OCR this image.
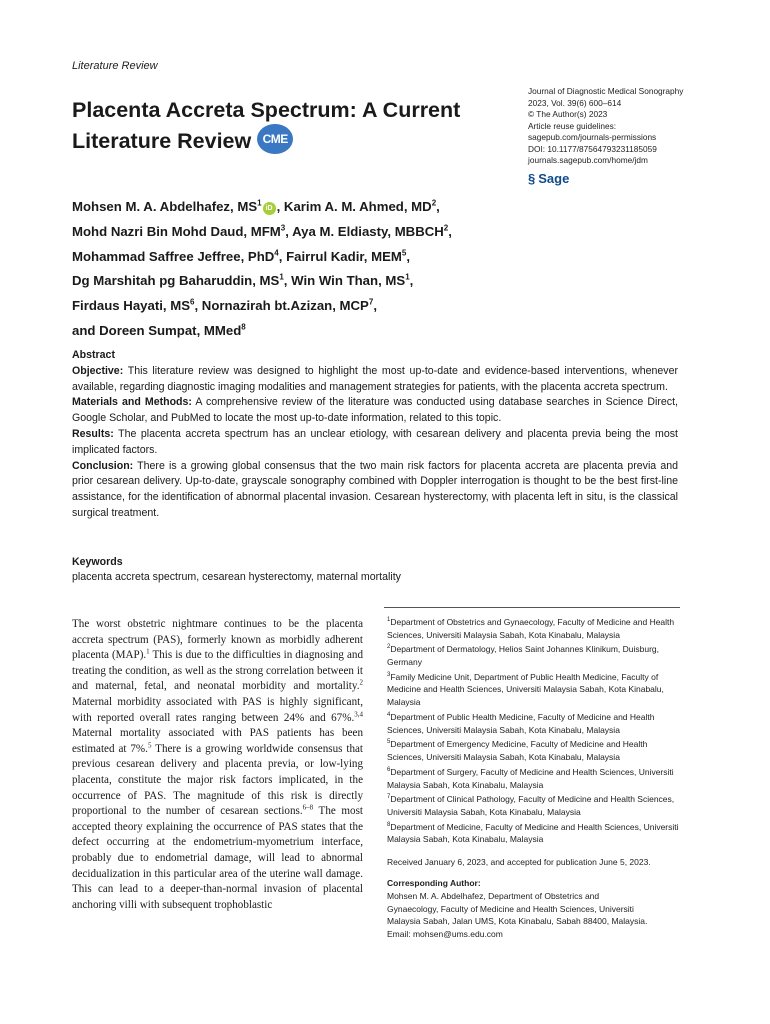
Literature Review
Placenta Accreta Spectrum: A Current Literature Review CME
Journal of Diagnostic Medical Sonography
2023, Vol. 39(6) 600–614
© The Author(s) 2023
Article reuse guidelines:
sagepub.com/journals-permissions
DOI: 10.1177/87564793231185059
journals.sagepub.com/home/jdm
§ Sage
Mohsen M. A. Abdelhafez, $MS^1iD$ , Karim A. M. Ahmed, $MD^2$,
Mohd Nazri Bin Mohd Daud, MFM$^3$, Aya M. Eldiasty, MBBCH$^2$,
Mohammad Saffree Jeffree, PhD$^4$, Fairrul Kadir, MEM$^5$,
Dg Marshitah pg Baharuddin, $MS^1$, Win Win Than, $MS^1$,
Firdaus Hayati, $MS^6$, Nornazirah bt.Azizan, MCP$^7$,
and Doreen Sumpat, MMed$^8$

Abstract

Objective: This literature review was designed to highlight the most up-to-date and evidence-based interventions, whenever available, regarding diagnostic imaging modalities and management strategies for patients, with the placenta accreta spectrum.

Materials and Methods: A comprehensive review of the literature was conducted using database searches in Science Direct, Google Scholar, and PubMed to locate the most up-to-date information, related to this topic.

Results: The placenta accreta spectrum has an unclear etiology, with cesarean delivery and placenta previa being the most implicated factors.

Conclusion: There is a growing global consensus that the two main risk factors for placenta accreta are placenta previa and prior cesarean delivery. Up-to-date, grayscale sonography combined with Doppler interrogation is thought to be the best first-line assistance, for the identification of abnormal placental invasion. Cesarean hysterectomy, with placenta left in situ, is the classical surgical treatment.

Keywords
placenta accreta spectrum, cesarean hysterectomy, maternal mortality
The worst obstetric nightmare continues to be the placenta accreta spectrum (PAS), formerly known as morbidly adherent placenta (MAP).$^1$ This is due to the difficulties in diagnosing and treating the condition, as well as the strong correlation between it and maternal, fetal, and neonatal morbidity and mortality.$^2$ Maternal morbidity associated with PAS is highly significant, with reported overall rates ranging between 24% and 67%.$^{3,4}$ Maternal mortality associated with PAS patients has been estimated at 7%.$^5$ There is a growing worldwide consensus that previous cesarean delivery and placenta previa, or low-lying placenta, constitute the major risk factors implicated, in the occurrence of PAS. The magnitude of this risk is directly proportional to the number of cesarean sections.$^{6-8}$ The most accepted theory explaining the occurrence of PAS states that the defect occurring at the endometrium-myometrium interface, probably due to endometrial damage, will lead to abnormal decidualization in this particular area of the uterine wall damage. This can lead to a deeper-than-normal invasion of placental anchoring villi with subsequent trophoblastic

$^1$Department of Obstetrics and Gynaecology, Faculty of Medicine and Health Sciences, Universiti Malaysia Sabah, Kota Kinabalu, Malaysia

$^2$Department of Dermatology, Helios Saint Johannes Klinikum, Duisburg, Germany

$^3$Family Medicine Unit, Department of Public Health Medicine, Faculty of Medicine and Health Sciences, Universiti Malaysia Sabah, Kota Kinabalu, Malaysia

$^4$Department of Public Health Medicine, Faculty of Medicine and Health Sciences, Universiti Malaysia Sabah, Kota Kinabalu, Malaysia

$^5$Department of Emergency Medicine, Faculty of Medicine and Health Sciences, Universiti Malaysia Sabah, Kota Kinabalu, Malaysia

$^6$Department of Surgery, Faculty of Medicine and Health Sciences, Universiti Malaysia Sabah, Kota Kinabalu, Malaysia

$^7$Department of Clinical Pathology, Faculty of Medicine and Health Sciences, Universiti Malaysia Sabah, Kota Kinabalu, Malaysia

$^8$Department of Medicine, Faculty of Medicine and Health Sciences, Universiti Malaysia Sabah, Kota Kinabalu, Malaysia

Received January 6, 2023, and accepted for publication June 5, 2023.

Corresponding Author:

Mohsen M. A. Abdelhafez, Department of Obstetrics and

Gynaecology, Faculty of Medicine and Health Sciences, Universiti

Malaysia Sabah, Jalan UMS, Kota Kinabalu, Sabah 88400, Malaysia.

Email: mohsen@ums.edu.com
